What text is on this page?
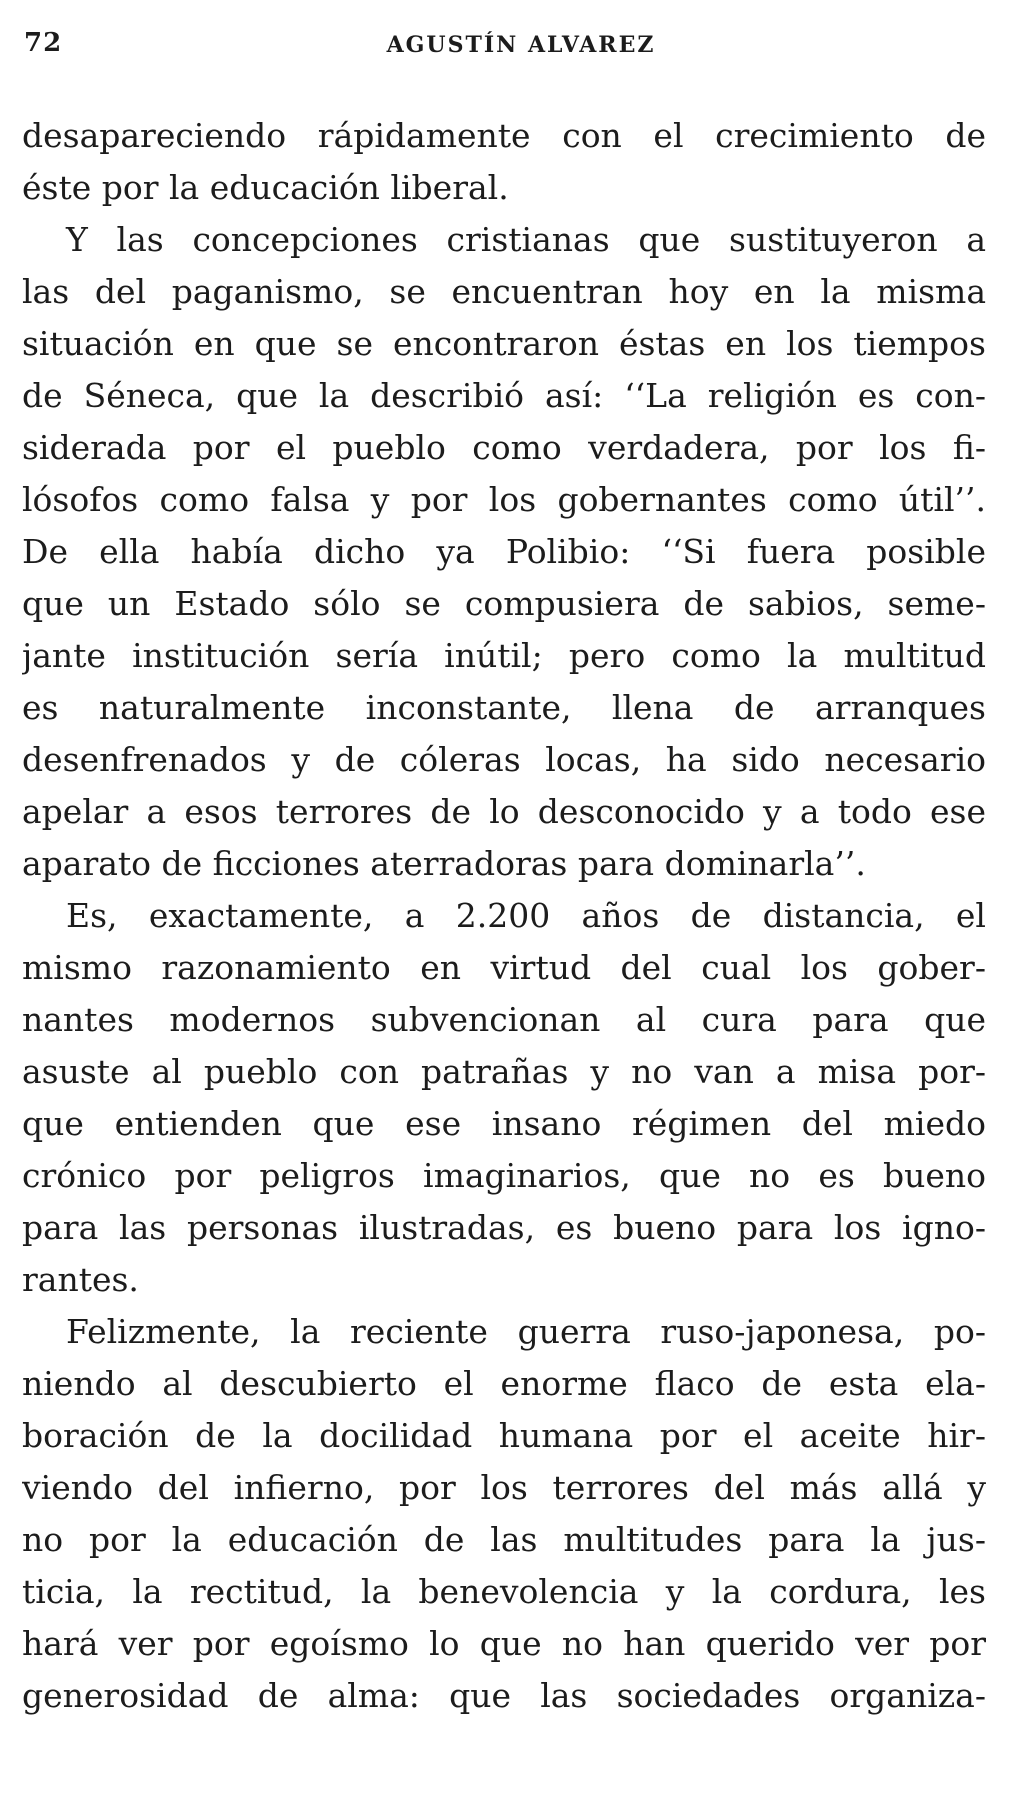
72	AGUSTÍN ALVAREZ
desapareciendo rápidamente con el crecimiento de
éste por la educación liberal.
Y las concepciones cristianas que sustituyeron a
las del paganismo, se encuentran hoy en la misma
situación en que se encontraron éstas en los tiempos
de Séneca, que la describió así: ‘‘La religión es con-
siderada por el pueblo como verdadera, por los fi-
lósofos como falsa y por los gobernantes como útil’’.
De ella había dicho ya Polibio: ‘‘Si fuera posible
que un Estado sólo se compusiera de sabios, seme-
jante institución sería inútil; pero como la multitud
es naturalmente inconstante, llena de arranques
desenfrenados y de cóleras locas, ha sido necesario
apelar a esos terrores de lo desconocido y a todo ese
aparato de ficciones aterradoras para dominarla’’.
Es, exactamente, a 2.200 años de distancia, el
mismo razonamiento en virtud del cual los gober-
nantes modernos subvencionan al cura para que
asuste al pueblo con patrañas y no van a misa por-
que entienden que ese insano régimen del miedo
crónico por peligros imaginarios, que no es bueno
para las personas ilustradas, es bueno para los igno-
rantes.
Felizmente, la reciente guerra ruso-japonesa, po-
niendo al descubierto el enorme flaco de esta ela-
boración de la docilidad humana por el aceite hir-
viendo del infierno, por los terrores del más allá y
no por la educación de las multitudes para la jus-
ticia, la rectitud, la benevolencia y la cordura, les
hará ver por egoísmo lo que no han querido ver por
generosidad de alma: que las sociedades organiza-
